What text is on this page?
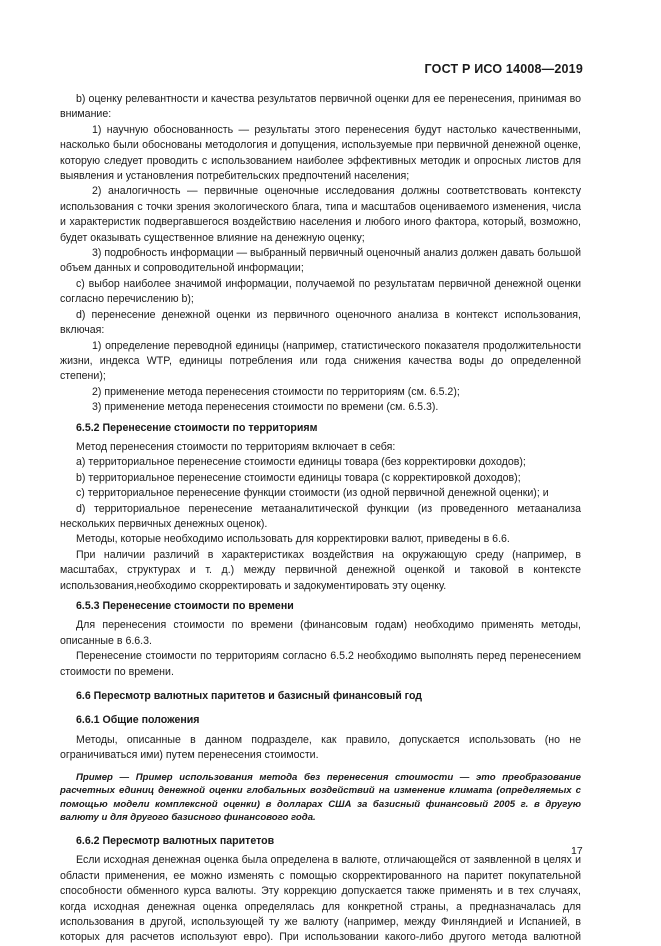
ГОСТ Р ИСО 14008—2019

b) оценку релевантности и качества результатов первичной оценки для ее перенесения, принимая во внимание:

1) научную обоснованность — результаты этого перенесения будут настолько качественными, насколько были обоснованы методология и допущения, используемые при первичной денежной оценке, которую следует проводить с использованием наиболее эффективных методик и опросных листов для выявления и установления потребительских предпочтений населения;

2) аналогичность — первичные оценочные исследования должны соответствовать контексту использования с точки зрения экологического блага, типа и масштабов оцениваемого изменения, числа и характеристик подвергавшегося воздействию населения и любого иного фактора, который, возможно, будет оказывать существенное влияние на денежную оценку;

3) подробность информации — выбранный первичный оценочный анализ должен давать большой объем данных и сопроводительной информации;

c) выбор наиболее значимой информации, получаемой по результатам первичной денежной оценки согласно перечислению b);

d) перенесение денежной оценки из первичного оценочного анализа в контекст использования, включая:

1) определение переводной единицы (например, статистического показателя продолжительности жизни, индекса WTP, единицы потребления или года снижения качества воды до определенной степени);

2) применение метода перенесения стоимости по территориям (см. 6.5.2);

3) применение метода перенесения стоимости по времени (см. 6.5.3).

6.5.2 Перенесение стоимости по территориям

Метод перенесения стоимости по территориям включает в себя:

a) территориальное перенесение стоимости единицы товара (без корректировки доходов);

b) территориальное перенесение стоимости единицы товара (с корректировкой доходов);

c) территориальное перенесение функции стоимости (из одной первичной денежной оценки); и

d) территориальное перенесение метааналитической функции (из проведенного метаанализа нескольких первичных денежных оценок).

Методы, которые необходимо использовать для корректировки валют, приведены в 6.6.

При наличии различий в характеристиках воздействия на окружающую среду (например, в масштабах, структурах и т. д.) между первичной денежной оценкой и таковой в контексте использования,необходимо скорректировать и задокументировать эту оценку.

6.5.3 Перенесение стоимости по времени

Для перенесения стоимости по времени (финансовым годам) необходимо применять методы, описанные в 6.6.3.

Перенесение стоимости по территориям согласно 6.5.2 необходимо выполнять перед перенесением стоимости по времени.

6.6 Пересмотр валютных паритетов и базисный финансовый год
6.6.1 Общие положения

Методы, описанные в данном подразделе, как правило, допускается использовать (но не ограничиваться ими) путем перенесения стоимости.

Пример — Пример использования метода без перенесения стоимости — это преобразование расчетных единиц денежной оценки глобальных воздействий на изменение климата (определяемых с помощью модели комплексной оценки) в долларах США за базисный финансовый 2005 г. в другую валюту и для другого базисного финансового года.

6.6.2 Пересмотр валютных паритетов

Если исходная денежная оценка была определена в валюте, отличающейся от заявленной в целях и области применения, ее можно изменять с помощью скорректированного на паритет покупательной способности обменного курса валюты. Эту коррекцию допускается также применять и в тех случаях, когда исходная денежная оценка определялась для конкретной страны, а предназначалась для использования в другой, использующей ту же валюту (например, между Финляндией и Испанией, в которых для расчетов используют евро). При использовании какого-либо другого метода валютной

17
